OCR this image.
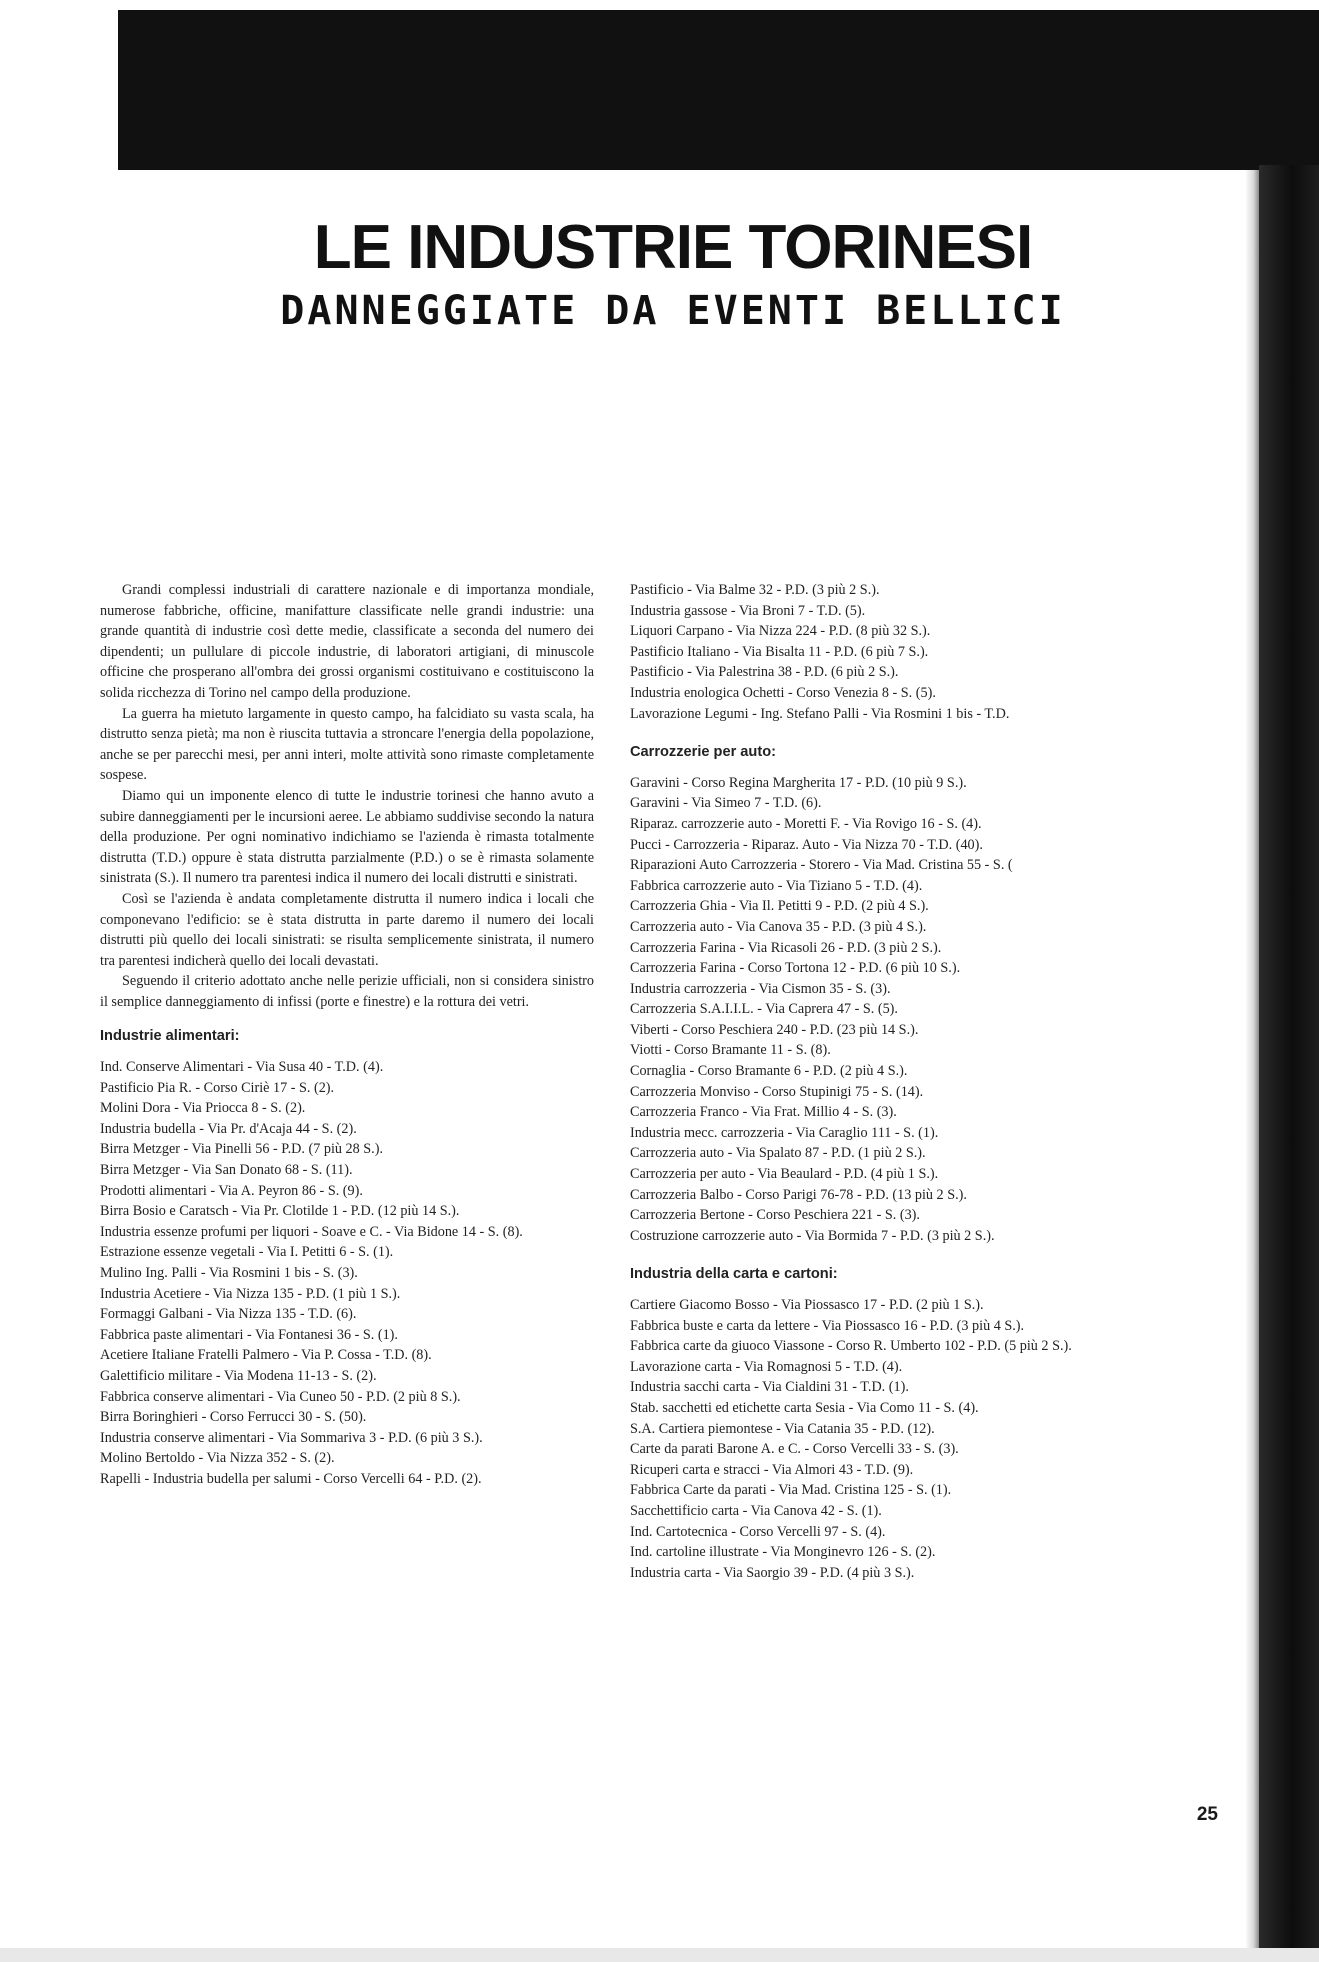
LE INDUSTRIE TORINESI
DANNEGGIATE DA EVENTI BELLICI

Grandi complessi industriali di carattere nazionale e di importanza mondiale, numerose fabbriche, officine, manifatture classificate nelle grandi industrie: una grande quantità di industrie così dette medie, classificate a seconda del numero dei dipendenti; un pullulare di piccole industrie, di laboratori artigiani, di minuscole officine che prosperano all'ombra dei grossi organismi costituivano e costituiscono la solida ricchezza di Torino nel campo della produzione.

La guerra ha mietuto largamente in questo campo, ha falcidiato su vasta scala, ha distrutto senza pietà; ma non è riuscita tuttavia a stroncare l'energia della popolazione, anche se per parecchi mesi, per anni interi, molte attività sono rimaste completamente sospese.

Diamo qui un imponente elenco di tutte le industrie torinesi che hanno avuto a subire danneggiamenti per le incursioni aeree. Le abbiamo suddivise secondo la natura della produzione. Per ogni nominativo indichiamo se l'azienda è rimasta totalmente distrutta (T.D.) oppure è stata distrutta parzialmente (P.D.) o se è rimasta solamente sinistrata (S.). Il numero tra parentesi indica il numero dei locali distrutti e sinistrati.

Così se l'azienda è andata completamente distrutta il numero indica i locali che componevano l'edificio: se è stata distrutta in parte daremo il numero dei locali distrutti più quello dei locali sinistrati: se risulta semplicemente sinistrata, il numero tra parentesi indicherà quello dei locali devastati.

Seguendo il criterio adottato anche nelle perizie ufficiali, non si considera sinistro il semplice danneggiamento di infissi (porte e finestre) e la rottura dei vetri.

Industrie alimentari:
Ind. Conserve Alimentari - Via Susa 40 - T.D. (4).
Pastificio Pia R. - Corso Ciriè 17 - S. (2).
Molini Dora - Via Priocca 8 - S. (2).
Industria budella - Via Pr. d'Acaja 44 - S. (2).
Birra Metzger - Via Pinelli 56 - P.D. (7 più 28 S.).
Birra Metzger - Via San Donato 68 - S. (11).
Prodotti alimentari - Via A. Peyron 86 - S. (9).
Birra Bosio e Caratsch - Via Pr. Clotilde 1 - P.D. (12 più 14 S.).
Industria essenze profumi per liquori - Soave e C. - Via Bidone 14 - S. (8).
Estrazione essenze vegetali - Via I. Petitti 6 - S. (1).
Mulino Ing. Palli - Via Rosmini 1 bis - S. (3).
Industria Acetiere - Via Nizza 135 - P.D. (1 più 1 S.).
Formaggi Galbani - Via Nizza 135 - T.D. (6).
Fabbrica paste alimentari - Via Fontanesi 36 - S. (1).
Acetiere Italiane Fratelli Palmero - Via P. Cossa - T.D. (8).
Galettificio militare - Via Modena 11-13 - S. (2).
Fabbrica conserve alimentari - Via Cuneo 50 - P.D. (2 più 8 S.).
Birra Boringhieri - Corso Ferrucci 30 - S. (50).
Industria conserve alimentari - Via Sommariva 3 - P.D. (6 più 3 S.).
Molino Bertoldo - Via Nizza 352 - S. (2).
Rapelli - Industria budella per salumi - Corso Vercelli 64 - P.D. (2).
Pastificio - Via Balme 32 - P.D. (3 più 2 S.).
Industria gassose - Via Broni 7 - T.D. (5).
Liquori Carpano - Via Nizza 224 - P.D. (8 più 32 S.).
Pastificio Italiano - Via Bisalta 11 - P.D. (6 più 7 S.).
Pastificio - Via Palestrina 38 - P.D. (6 più 2 S.).
Industria enologica Ochetti - Corso Venezia 8 - S. (5).
Lavorazione Legumi - Ing. Stefano Palli - Via Rosmini 1 bis - T.D.
Carrozzerie per auto:
Garavini - Corso Regina Margherita 17 - P.D. (10 più 9 S.).
Garavini - Via Simeo 7 - T.D. (6).
Riparaz. carrozzerie auto - Moretti F. - Via Rovigo 16 - S. (4).
Pucci - Carrozzeria - Riparaz. Auto - Via Nizza 70 - T.D. (40).
Riparazioni Auto Carrozzeria - Storero - Via Mad. Cristina 55 - S. (
Fabbrica carrozzerie auto - Via Tiziano 5 - T.D. (4).
Carrozzeria Ghia - Via Il. Petitti 9 - P.D. (2 più 4 S.).
Carrozzeria auto - Via Canova 35 - P.D. (3 più 4 S.).
Carrozzeria Farina - Via Ricasoli 26 - P.D. (3 più 2 S.).
Carrozzeria Farina - Corso Tortona 12 - P.D. (6 più 10 S.).
Industria carrozzeria - Via Cismon 35 - S. (3).
Carrozzeria S.A.I.I.L. - Via Caprera 47 - S. (5).
Viberti - Corso Peschiera 240 - P.D. (23 più 14 S.).
Viotti - Corso Bramante 11 - S. (8).
Cornaglia - Corso Bramante 6 - P.D. (2 più 4 S.).
Carrozzeria Monviso - Corso Stupinigi 75 - S. (14).
Carrozzeria Franco - Via Frat. Millio 4 - S. (3).
Industria mecc. carrozzeria - Via Caraglio 111 - S. (1).
Carrozzeria auto - Via Spalato 87 - P.D. (1 più 2 S.).
Carrozzeria per auto - Via Beaulard - P.D. (4 più 1 S.).
Carrozzeria Balbo - Corso Parigi 76-78 - P.D. (13 più 2 S.).
Carrozzeria Bertone - Corso Peschiera 221 - S. (3).
Costruzione carrozzerie auto - Via Bormida 7 - P.D. (3 più 2 S.).
Industria della carta e cartoni:
Cartiere Giacomo Bosso - Via Piossasco 17 - P.D. (2 più 1 S.).
Fabbrica buste e carta da lettere - Via Piossasco 16 - P.D. (3 più 4 S.).
Fabbrica carte da giuoco Viassone - Corso R. Umberto 102 - P.D. (5 più 2 S.).
Lavorazione carta - Via Romagnosi 5 - T.D. (4).
Industria sacchi carta - Via Cialdini 31 - T.D. (1).
Stab. sacchetti ed etichette carta Sesia - Via Como 11 - S. (4).
S.A. Cartiera piemontese - Via Catania 35 - P.D. (12).
Carte da parati Barone A. e C. - Corso Vercelli 33 - S. (3).
Ricuperi carta e stracci - Via Almori 43 - T.D. (9).
Fabbrica Carte da parati - Via Mad. Cristina 125 - S. (1).
Sacchettificio carta - Via Canova 42 - S. (1).
Ind. Cartotecnica - Corso Vercelli 97 - S. (4).
Ind. cartoline illustrate - Via Monginevro 126 - S. (2).
Industria carta - Via Saorgio 39 - P.D. (4 più 3 S.).
25
